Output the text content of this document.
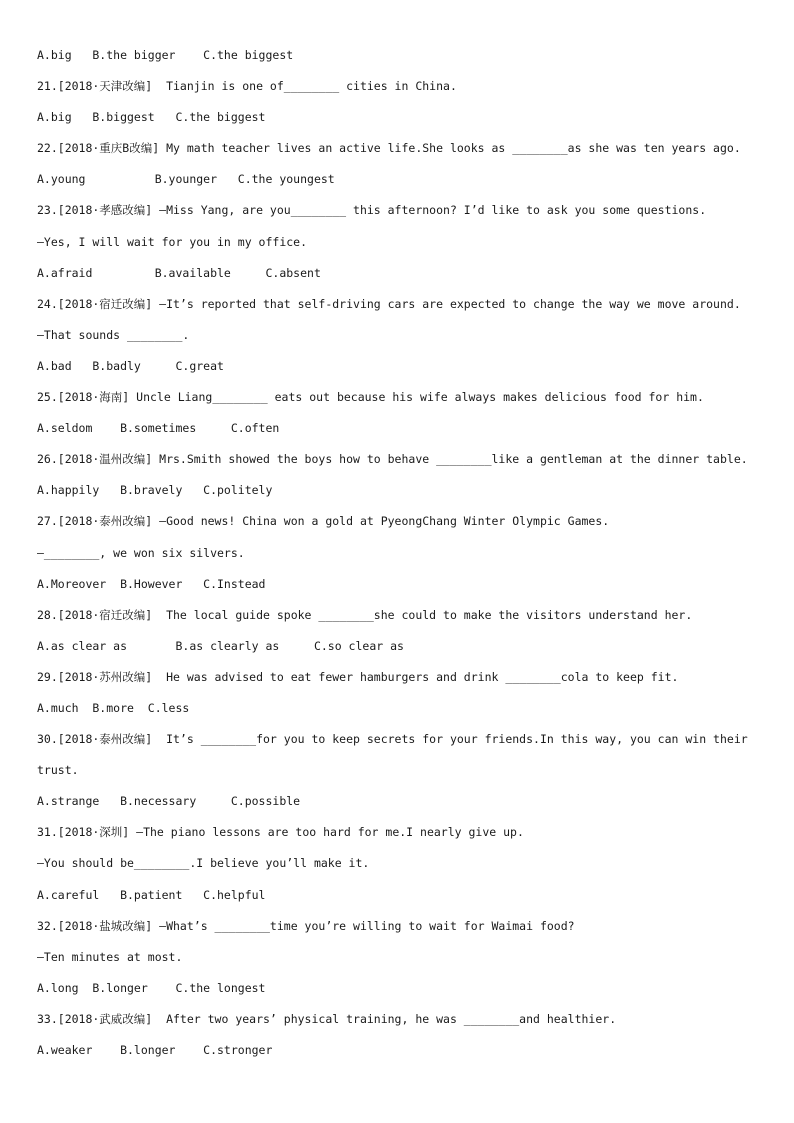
A.big   B.the bigger    C.the biggest
21.[2018·天津改编]  Tianjin is one of________ cities in China.
A.big   B.biggest   C.the biggest
22.[2018·重庆B改编] My math teacher lives an active life.She looks as ________as she was ten years ago.
A.young          B.younger   C.the youngest
23.[2018·孝感改编] —Miss Yang, are you________ this afternoon? I’d like to ask you some questions.
—Yes, I will wait for you in my office.
A.afraid         B.available     C.absent
24.[2018·宿迁改编] —It’s reported that self-driving cars are expected to change the way we move around.
—That sounds ________.
A.bad   B.badly     C.great
25.[2018·海南] Uncle Liang________ eats out because his wife always makes delicious food for him.
A.seldom    B.sometimes     C.often
26.[2018·温州改编] Mrs.Smith showed the boys how to behave ________like a gentleman at the dinner table.
A.happily   B.bravely   C.politely
27.[2018·泰州改编] —Good news! China won a gold at PyeongChang Winter Olympic Games.
—________, we won six silvers.
A.Moreover  B.However   C.Instead
28.[2018·宿迁改编]  The local guide spoke ________she could to make the visitors understand her.
A.as clear as       B.as clearly as     C.so clear as
29.[2018·苏州改编]  He was advised to eat fewer hamburgers and drink ________cola to keep fit.
A.much  B.more  C.less
30.[2018·泰州改编]  It’s ________for you to keep secrets for your friends.In this way, you can win their
trust.
A.strange   B.necessary     C.possible
31.[2018·深圳] —The piano lessons are too hard for me.I nearly give up.
—You should be________.I believe you’ll make it.
A.careful   B.patient   C.helpful
32.[2018·盐城改编] —What’s ________time you’re willing to wait for Waimai food?
—Ten minutes at most.
A.long  B.longer    C.the longest
33.[2018·武威改编]  After two years’ physical training, he was ________and healthier.
A.weaker    B.longer    C.stronger
